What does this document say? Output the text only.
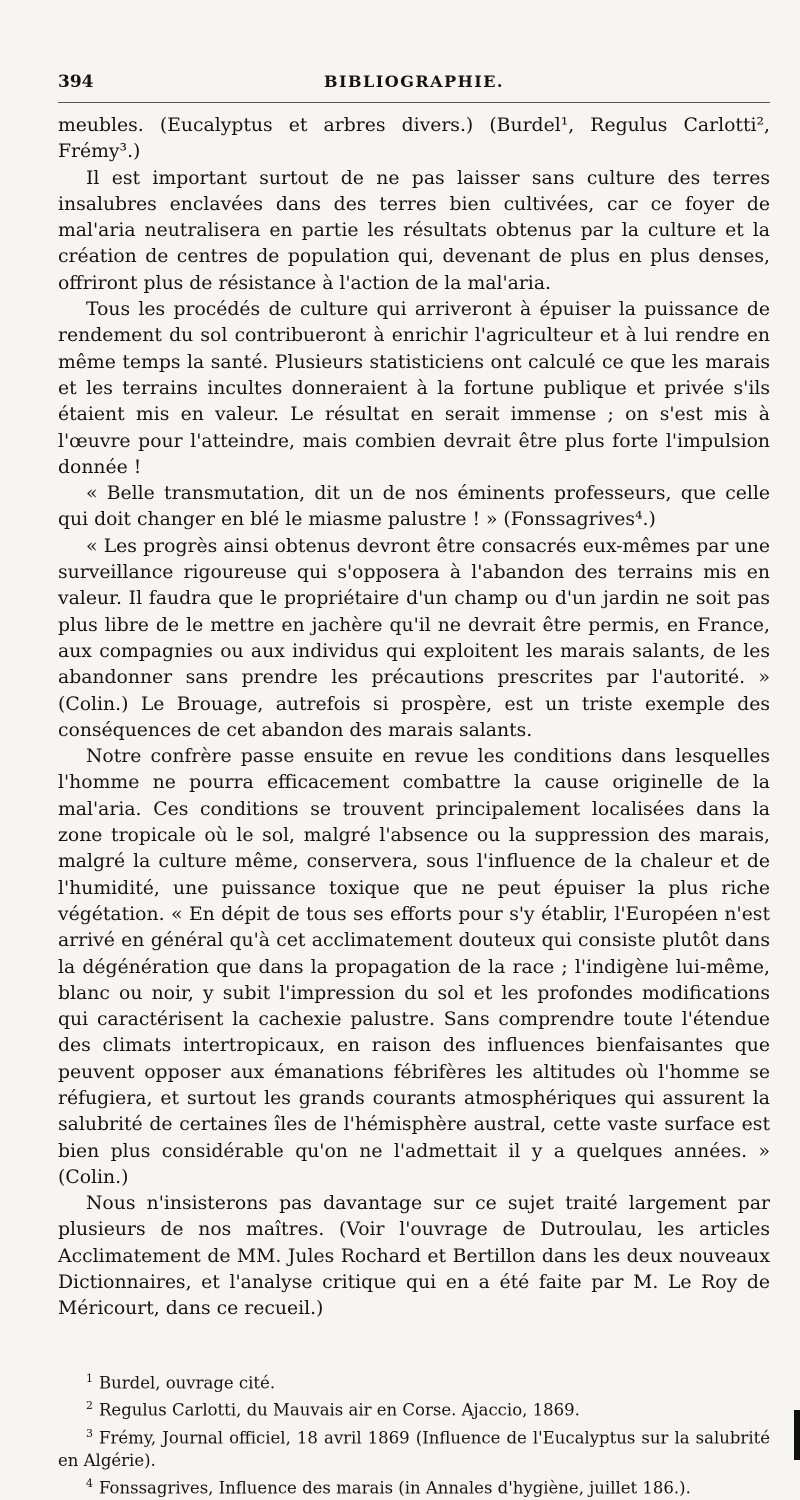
394	BIBLIOGRAPHIE.

meubles. (Eucalyptus et arbres divers.) (Burdel¹, Regulus Carlotti², Frémy³.)

Il est important surtout de ne pas laisser sans culture des terres insalubres enclavées dans des terres bien cultivées, car ce foyer de mal'aria neutralisera en partie les résultats obtenus par la culture et la création de centres de population qui, devenant de plus en plus denses, offriront plus de résistance à l'action de la mal'aria.

Tous les procédés de culture qui arriveront à épuiser la puissance de rendement du sol contribueront à enrichir l'agriculteur et à lui rendre en même temps la santé. Plusieurs statisticiens ont calculé ce que les marais et les terrains incultes donneraient à la fortune publique et privée s'ils étaient mis en valeur. Le résultat en serait immense ; on s'est mis à l'œuvre pour l'atteindre, mais combien devrait être plus forte l'impulsion donnée !

« Belle transmutation, dit un de nos éminents professeurs, que celle qui doit changer en blé le miasme palustre ! » (Fonssagrives⁴.)

« Les progrès ainsi obtenus devront être consacrés eux-mêmes par une surveillance rigoureuse qui s'opposera à l'abandon des terrains mis en valeur. Il faudra que le propriétaire d'un champ ou d'un jardin ne soit pas plus libre de le mettre en jachère qu'il ne devrait être permis, en France, aux compagnies ou aux individus qui exploitent les marais salants, de les abandonner sans prendre les précautions prescrites par l'autorité. » (Colin.) Le Brouage, autrefois si prospère, est un triste exemple des conséquences de cet abandon des marais salants.

Notre confrère passe ensuite en revue les conditions dans lesquelles l'homme ne pourra efficacement combattre la cause originelle de la mal'aria. Ces conditions se trouvent principalement localisées dans la zone tropicale où le sol, malgré l'absence ou la suppression des marais, malgré la culture même, conservera, sous l'influence de la chaleur et de l'humidité, une puissance toxique que ne peut épuiser la plus riche végétation. « En dépit de tous ses efforts pour s'y établir, l'Européen n'est arrivé en général qu'à cet acclimatement douteux qui consiste plutôt dans la dégénération que dans la propagation de la race ; l'indigène lui-même, blanc ou noir, y subit l'impression du sol et les profondes modifications qui caractérisent la cachexie palustre. Sans comprendre toute l'étendue des climats intertropicaux, en raison des influences bienfaisantes que peuvent opposer aux émanations fébrifères les altitudes où l'homme se réfugiera, et surtout les grands courants atmosphériques qui assurent la salubrité de certaines îles de l'hémisphère austral, cette vaste surface est bien plus considérable qu'on ne l'admettait il y a quelques années. » (Colin.)

Nous n'insisterons pas davantage sur ce sujet traité largement par plusieurs de nos maîtres. (Voir l'ouvrage de Dutroulau, les articles Acclimatement de MM. Jules Rochard et Bertillon dans les deux nouveaux Dictionnaires, et l'analyse critique qui en a été faite par M. Le Roy de Méricourt, dans ce recueil.)

$^1$ Burdel, ouvrage cité.

$^2$ Regulus Carlotti, du Mauvais air en Corse. Ajaccio, 1869.

$^3$ Frémy, Journal officiel, 18 avril 1869 (Influence de l'Eucalyptus sur la salubrité en Algérie).

$^4$ Fonssagrives, Influence des marais (in Annales d'hygiène, juillet 186.).
